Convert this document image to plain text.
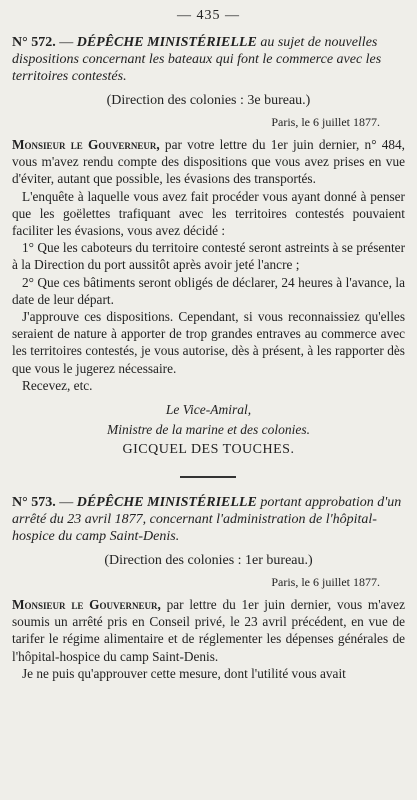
— 435 —
N° 572. — DÉPÊCHE MINISTÉRIELLE au sujet de nouvelles dispositions concernant les bateaux qui font le commerce avec les territoires contestés.
(Direction des colonies : 3e bureau.)
Paris, le 6 juillet 1877.

Monsieur le Gouverneur, par votre lettre du 1er juin dernier, n° 484, vous m'avez rendu compte des dispositions que vous avez prises en vue d'éviter, autant que possible, les évasions des transportés.

L'enquête à laquelle vous avez fait procéder vous ayant donné à penser que les goëlettes trafiquant avec les territoires contestés pouvaient faciliter les évasions, vous avez décidé :

1° Que les caboteurs du territoire contesté seront astreints à se présenter à la Direction du port aussitôt après avoir jeté l'ancre ;

2° Que ces bâtiments seront obligés de déclarer, 24 heures à l'avance, la date de leur départ.

J'approuve ces dispositions. Cependant, si vous reconnaissiez qu'elles seraient de nature à apporter de trop grandes entraves au commerce avec les territoires contestés, je vous autorise, dès à présent, à les rapporter dès que vous le jugerez nécessaire.

Recevez, etc.

Le Vice-Amiral,
Ministre de la marine et des colonies.
GICQUEL DES TOUCHES.
N° 573. — DÉPÊCHE MINISTÉRIELLE portant approbation d'un arrêté du 23 avril 1877, concernant l'administration de l'hôpital-hospice du camp Saint-Denis.
(Direction des colonies : 1er bureau.)
Paris, le 6 juillet 1877.

Monsieur le Gouverneur, par lettre du 1er juin dernier, vous m'avez soumis un arrêté pris en Conseil privé, le 23 avril précédent, en vue de tarifer le régime alimentaire et de réglementer les dépenses générales de l'hôpital-hospice du camp Saint-Denis.

Je ne puis qu'approuver cette mesure, dont l'utilité vous avait
